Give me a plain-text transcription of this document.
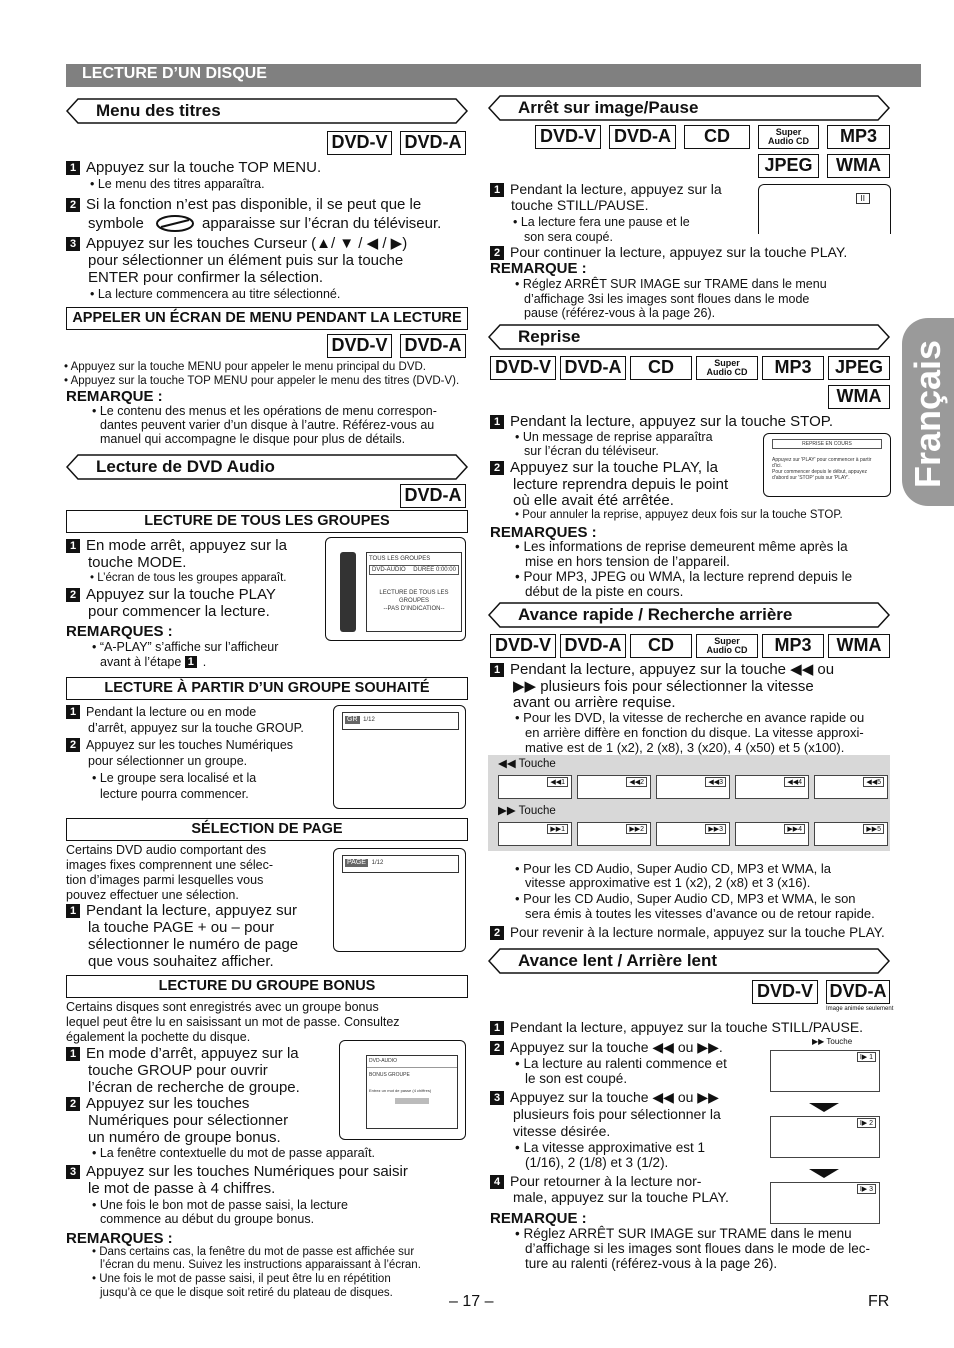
LECTURE D’UN DISQUE
Français
Menu des titres
DVD-V DVD-A
1 Appuyez sur la touche TOP MENU.
• Le menu des titres apparaîtra.
2 Si la fonction n’est pas disponible, il se peut que le
symbole	apparaisse sur l’écran du téléviseur.
3 Appuyez sur les touches Curseur (▲/ ▼ / ◀ / ▶)
pour sélectionner un élément puis sur la touche
ENTER pour confirmer la sélection.
• La lecture commencera au titre sélectionné.
APPELER UN ÉCRAN DE MENU PENDANT LA LECTURE
DVD-V DVD-A
• Appuyez sur la touche MENU pour appeler le menu principal du DVD.
• Appuyez sur la touche TOP MENU pour appeler le menu des titres (DVD-V).
REMARQUE :
• Le contenu des menus et les opérations de menu correspon-
dantes peuvent varier d’un disque à l’autre. Référez-vous au
manuel qui accompagne le disque pour plus de détails.
Lecture de DVD Audio
DVD-A
LECTURE DE TOUS LES GROUPES
1 En mode arrêt, appuyez sur la
touche MODE.
• L’écran de tous les groupes apparaît.
2 Appuyez sur la touche PLAY
pour commencer la lecture.
REMARQUES :
• “A-PLAY” s’affiche sur l’afficheur
avant à l’étape 1 .
TOUS LES GROUPES
DVD-AUDIO DURÉE 0:00:00
LECTURE DE TOUS LES GROUPES
--PAS D'INDICATION--
LECTURE À PARTIR D’UN GROUPE SOUHAITÉ
1 Pendant la lecture ou en mode
d’arrêt, appuyez sur la touche GROUP.
2 Appuyez sur les touches Numériques
pour sélectionner un groupe.
• Le groupe sera localisé et la
lecture pourra commencer.
GR 1/12
SÉLECTION DE PAGE
Certains DVD audio comportant des
images fixes comprennent une sélec-
tion d’images parmi lesquelles vous
pouvez effectuer une sélection.
1 Pendant la lecture, appuyez sur
la touche PAGE + ou – pour
sélectionner le numéro de page
que vous souhaitez afficher.
PAGE 1/12
LECTURE DU GROUPE BONUS
Certains disques sont enregistrés avec un groupe bonus
lequel peut être lu en saisissant un mot de passe. Consultez
également la pochette du disque.
1 En mode d’arrêt, appuyez sur la
touche GROUP pour ouvrir
l’écran de recherche de groupe.
2 Appuyez sur les touches
Numériques pour sélectionner
un numéro de groupe bonus.
• La fenêtre contextuelle du mot de passe apparaît.
3 Appuyez sur les touches Numériques pour saisir
le mot de passe à 4 chiffres.
• Une fois le bon mot de passe saisi, la lecture
commence au début du groupe bonus.
REMARQUES :
• Dans certains cas, la fenêtre du mot de passe est affichée sur
l’écran du menu. Suivez les instructions apparaissant à l’écran.
• Une fois le mot de passe saisi, il peut être lu en répétition
jusqu’à ce que le disque soit retiré du plateau de disques.
DVD-AUDIO
BONUS GROUPE
Entrez un mot de passe (4 chiffres)
Arrêt sur image/Pause
DVD-V DVD-A	CD	Super
Audio CD	MP3
JPEG	WMA
1 Pendant la lecture, appuyez sur la
touche STILL/PAUSE.
• La lecture fera une pause et le
son sera coupé.
II
2 Pour continuer la lecture, appuyez sur la touche PLAY.
REMARQUE :
• Réglez ARRÊT SUR IMAGE sur TRAME dans le menu
d’affichage 3si les images sont floues dans le mode
pause (référez-vous à la page 26).
Reprise
DVD-V DVD-A	CD	Super
Audio CD	MP3	JPEG
WMA
1 Pendant la lecture, appuyez sur la touche STOP.
• Un message de reprise apparaîtra
sur l’écran du téléviseur.
2 Appuyez sur la touche PLAY, la
lecture reprendra depuis le point
où elle avait été arrêtée.
REPRISE EN COURS
Appuyez sur 'PLAY' pour commencer à partir d'ici.
Pour commencer depuis le début, appuyez d'abord sur 'STOP' puis sur 'PLAY'.
• Pour annuler la reprise, appuyez deux fois sur la touche STOP.
REMARQUES :
• Les informations de reprise demeurent même après la
mise en hors tension de l’appareil.
• Pour MP3, JPEG ou WMA, la lecture reprend depuis le
début de la piste en cours.
Avance rapide / Recherche arrière
DVD-V DVD-A	CD	Super
Audio CD	MP3	WMA
1 Pendant la lecture, appuyez sur la touche ◀◀ ou
▶▶ plusieurs fois pour sélectionner la vitesse
avant ou arrière requise.
• Pour les DVD, la vitesse de recherche en avance rapide ou
en arrière diffère en fonction du disque. La vitesse approxi-
mative est de 1 (x2), 2 (x8), 3 (x20), 4 (x50) et 5 (x100).
◀◀ Touche
▶▶ Touche
◀◀1	◀◀2	◀◀3	◀◀4	◀◀5
▶▶1	▶▶2	▶▶3	▶▶4	▶▶5
• Pour les CD Audio, Super Audio CD, MP3 et WMA, la
vitesse approximative est 1 (x2), 2 (x8) et 3 (x16).
• Pour les CD Audio, Super Audio CD, MP3 et WMA, le son
sera émis à toutes les vitesses d’avance ou de retour rapide.
2 Pour revenir à la lecture normale, appuyez sur la touche PLAY.
Avance lent / Arrière lent
DVD-V DVD-A
Image animée seulement
1 Pendant la lecture, appuyez sur la touche STILL/PAUSE.
2 Appuyez sur la touche ◀◀ ou ▶▶.
• La lecture au ralenti commence et
le son est coupé.
3 Appuyez sur la touche ◀◀ ou ▶▶
plusieurs fois pour sélectionner la
vitesse désirée.
• La vitesse approximative est 1
(1/16), 2 (1/8) et 3 (1/2).
4 Pour retourner à la lecture nor-
male, appuyez sur la touche PLAY.
REMARQUE :
• Réglez ARRÊT SUR IMAGE sur TRAME dans le menu
d’affichage si les images sont floues dans le mode de lec-
ture au ralenti (référez-vous à la page 26).
▶▶ Touche
I▶ 1
I▶ 2
I▶ 3
– 17 –	FR
